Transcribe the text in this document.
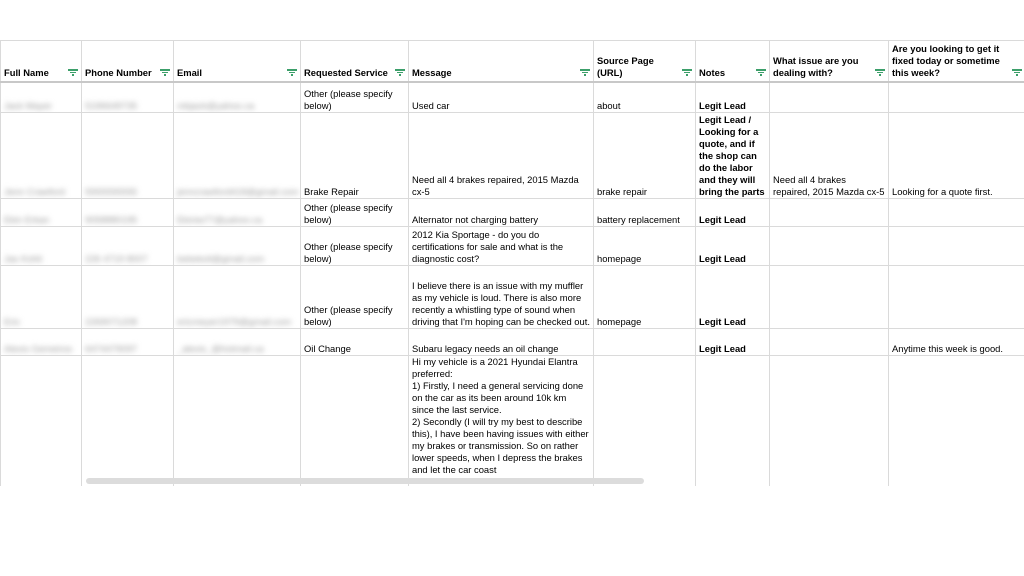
Full Name	Phone Number	Email	Requested Service	Message	Source Page (URL)	Notes	What issue are you dealing with?	Are you looking to get it fixed today or sometime this week?

Jack Mayer	5196649735	mbjack@yahoo.ca	Other (please specify below)	Used car	about	Legit Lead		
Jenn Crawford	5555555555	jenncrawford418@gmail.com	Brake Repair	Need all 4 brakes repaired, 2015 Mazda cx-5	brake repair	Legit Lead / Looking for a quote, and if the shop can do the labor and they will bring the parts	Need all 4 brakes repaired, 2015 Mazda cx-5	Looking for a quote first.
Ekin Erkan	9058880195	Ekiniw77@yahoo.ca	Other (please specify below)	Alternator not charging battery	battery replacement	Legit Lead		
Jas Kohli	226 4719 8007	bebekoli@gmail.com	Other (please specify below)	2012 Kia Sportage - do you do certifications for sale and what is the diagnostic cost?	homepage	Legit Lead		
Eric	2269071208	ericmeyer1979@gmail.com	Other (please specify below)	I believe there is an issue with my muffler as my vehicle is loud. There is also more recently a whistling type of sound when driving that I'm hoping can be checked out.	homepage	Legit Lead		
Alexis Gemeiros	6474479097	_alexis_@hotmail.ca	Oil Change	Subaru legacy needs an oil change		Legit Lead		Anytime this week is good.
				Hi my vehicle is a 2021 Hyundai Elantra preferred:
1) Firstly, I need a general servicing done on the car as its been around 10k km since the last service.
2) Secondly (I will try my best to describe this), I have been having issues with either my brakes or transmission. So on rather lower speeds, when I depress the brakes and let the car coast				
